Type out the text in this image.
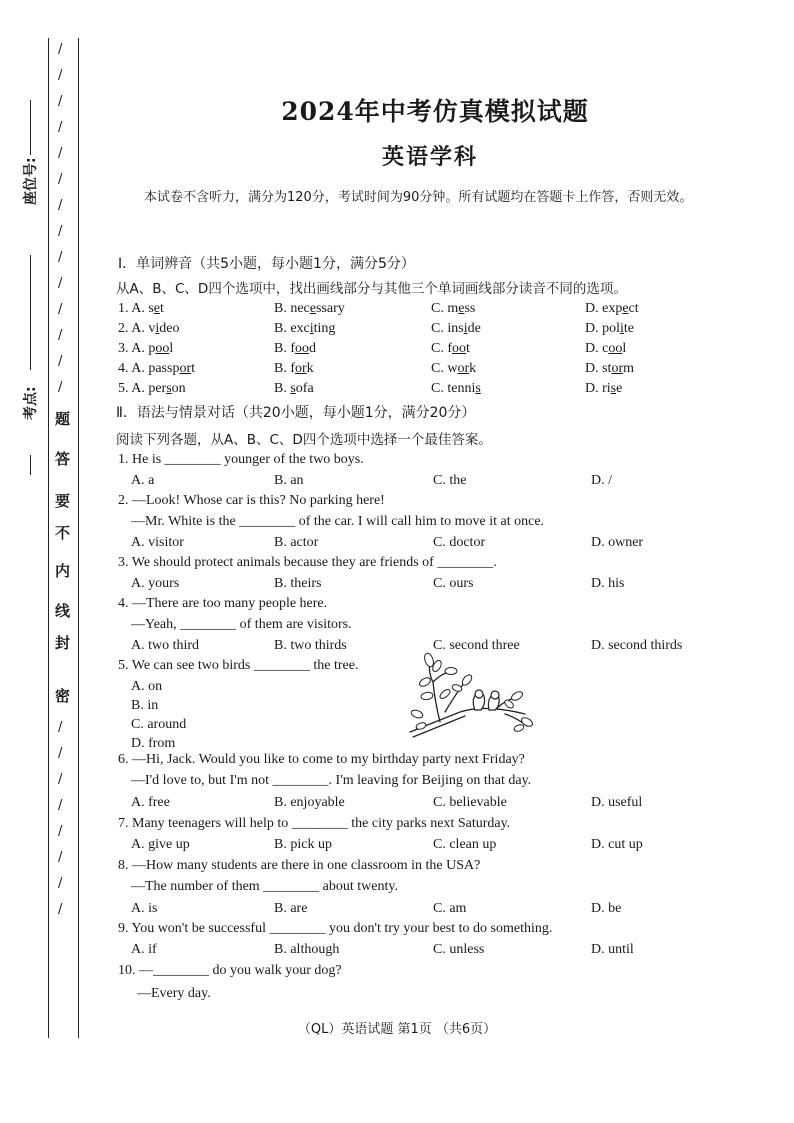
座位号:
考点:
/
/
/
/
/
/
/
/
/
/
/
/
/
/
密
封
线
内
不
要
答
题
/
/
/
/
/
/
/
/
2024年中考仿真模拟试题
英语学科
本试卷不含听力，满分为120分，考试时间为90分钟。所有试题均在答题卡上作答，否则无效。
Ⅰ．单词辨音（共5小题，每小题1分，满分5分）
从A、B、C、D四个选项中，找出画线部分与其他三个单词画线部分读音不同的选项。
1. A. set	B. necessary	C. mess	D. expect
2. A. video	B. exciting	C. inside	D. polite
3. A. pool	B. food	C. foot	D. cool
4. A. passport	B. fork	C. work	D. storm
5. A. person	B. sofa	C. tennis	D. rise
Ⅱ．语法与情景对话（共20小题，每小题1分，满分20分）
阅读下列各题，从A、B、C、D四个选项中选择一个最佳答案。
1. He is ________ younger of the two boys.
A. a	B. an	C. the	D. /
2. —Look! Whose car is this? No parking here!
—Mr. White is the ________ of the car. I will call him to move it at once.
A. visitor	B. actor	C. doctor	D. owner
3. We should protect animals because they are friends of ________.
A. yours	B. theirs	C. ours	D. his
4. —There are too many people here.
—Yeah, ________ of them are visitors.
A. two third	B. two thirds	C. second three	D. second thirds
5. We can see two birds ________ the tree.
A. on
B. in
C. around
D. from
6. —Hi, Jack. Would you like to come to my birthday party next Friday?
—I'd love to, but I'm not ________. I'm leaving for Beijing on that day.
A. free	B. enjoyable	C. believable	D. useful
7. Many teenagers will help to ________ the city parks next Saturday.
A. give up	B. pick up	C. clean up	D. cut up
8. —How many students are there in one classroom in the USA?
—The number of them ________ about twenty.
A. is	B. are	C. am	D. be
9. You won't be successful ________ you don't try your best to do something.
A. if	B. although	C. unless	D. until
10. —________ do you walk your dog?
—Every day.
（QL）英语试题 第1页 （共6页）
